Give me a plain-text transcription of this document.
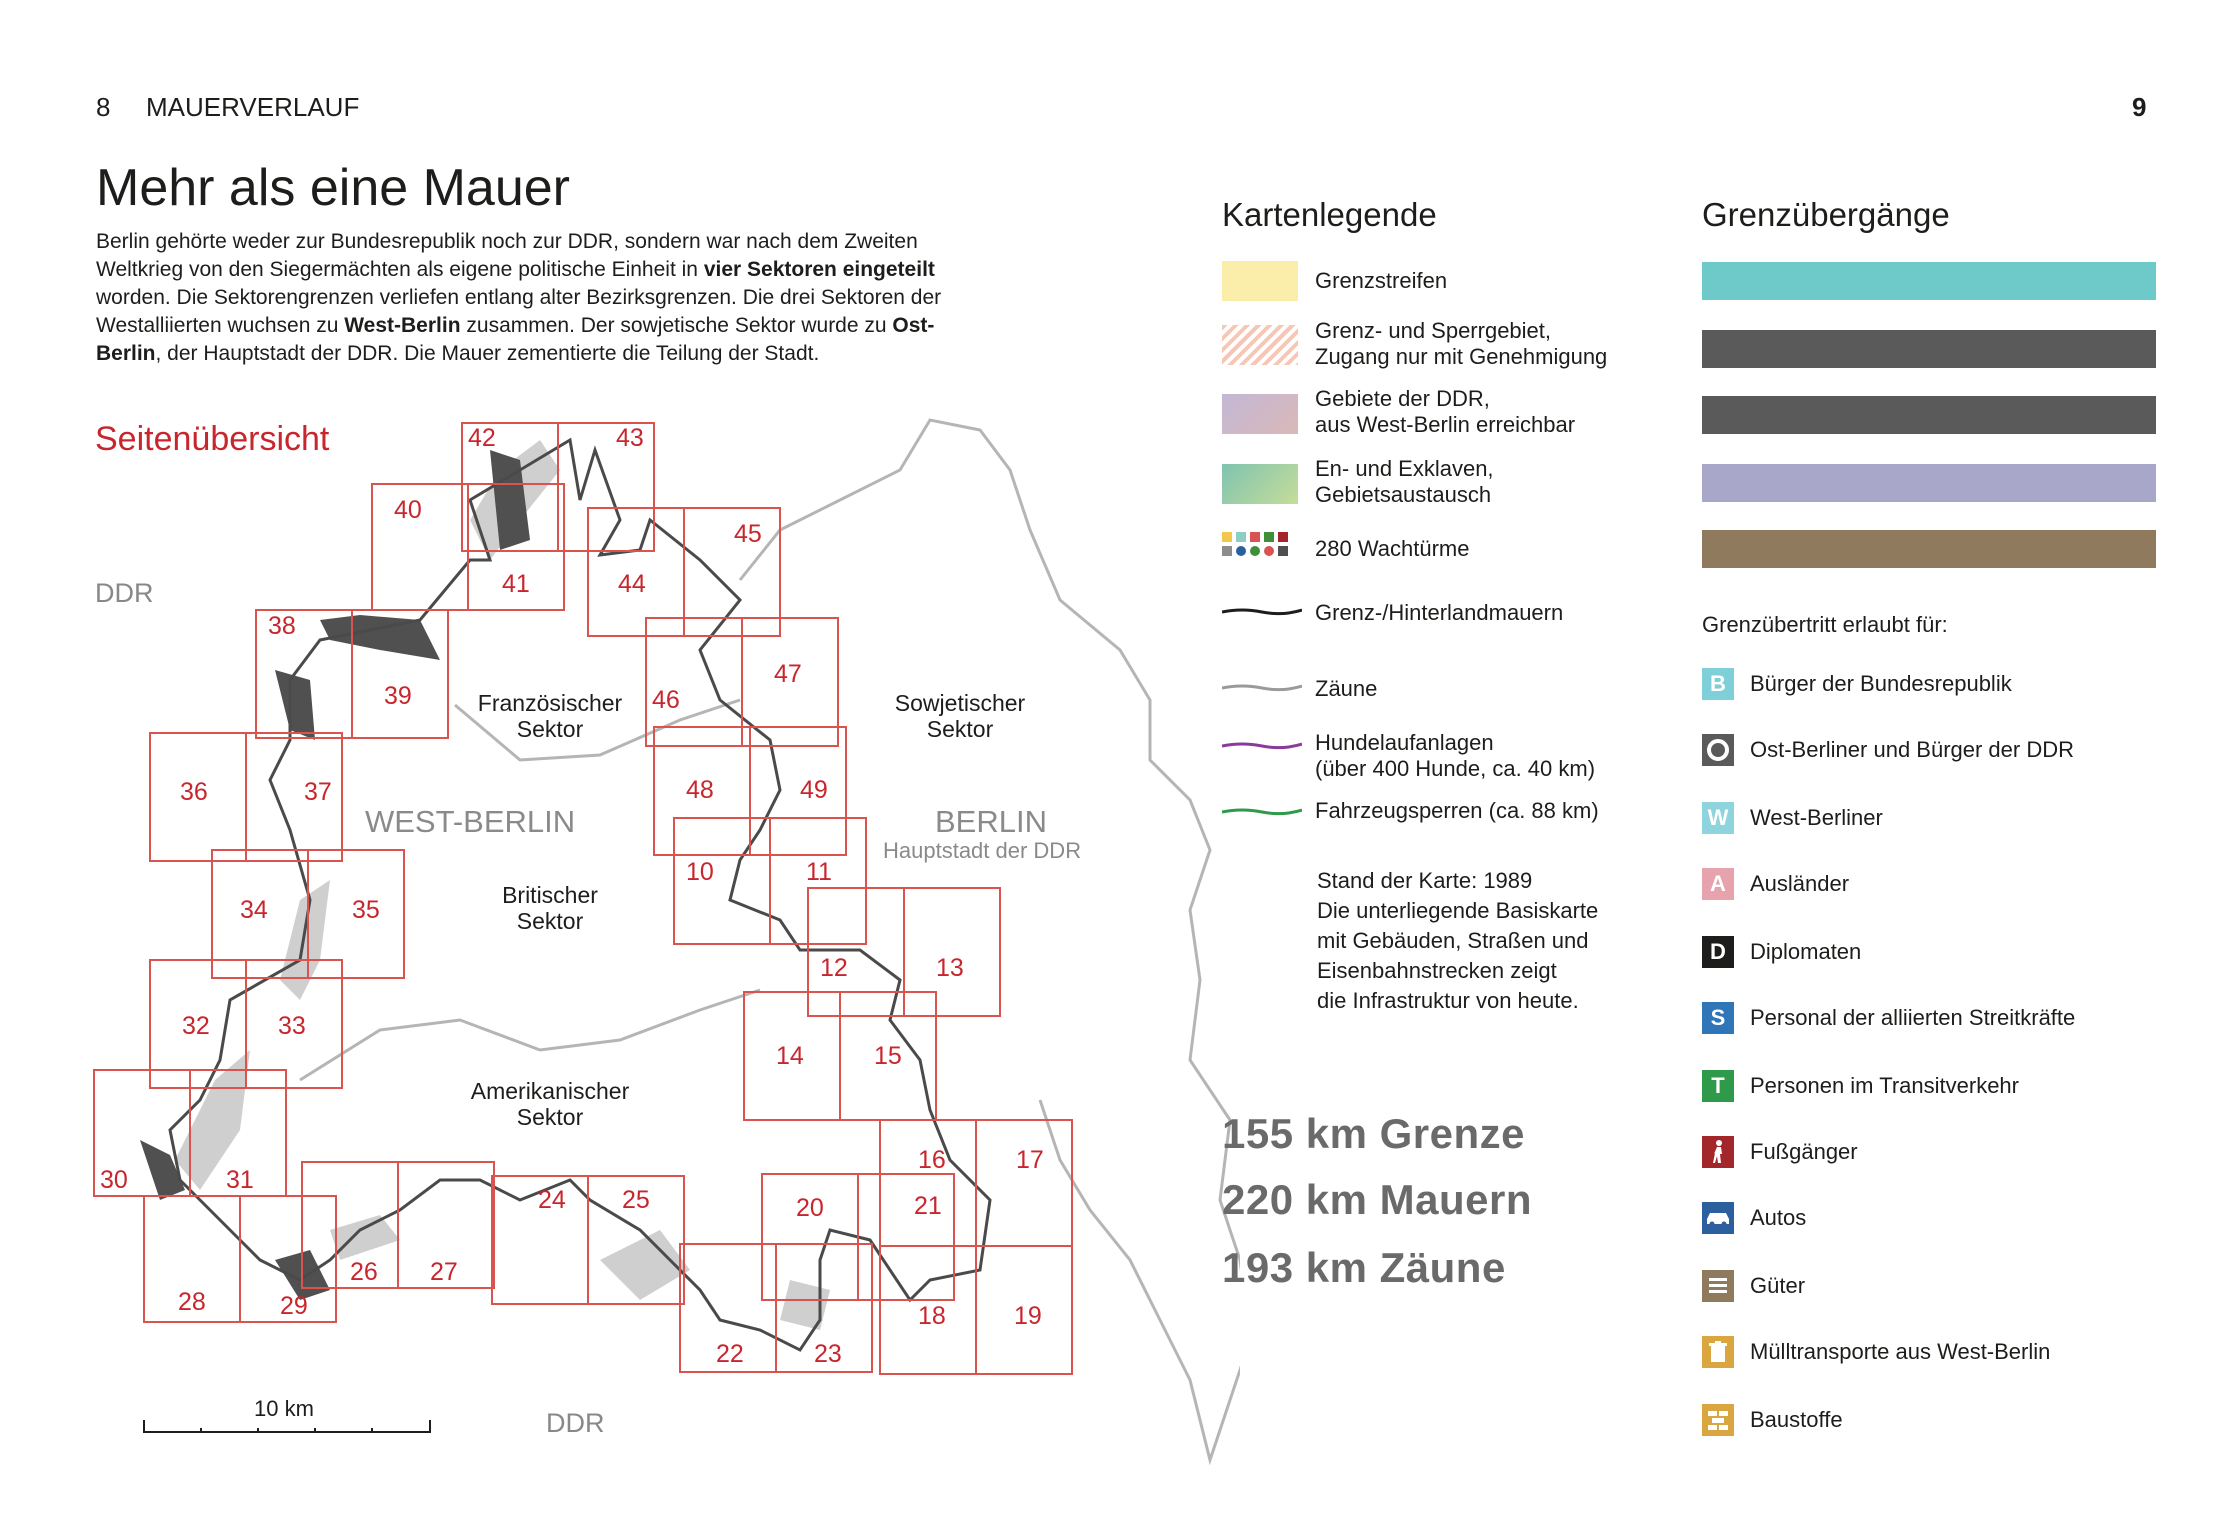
8 MAUERVERLAUF	9
Mehr als eine Mauer

Berlin gehörte weder zur Bundesrepublik noch zur DDR, sondern war nach dem Zweiten
Weltkrieg von den Siegermächten als eigene politische Einheit in vier Sektoren eingeteilt
worden. Die Sektorengrenzen verliefen entlang alter Bezirksgrenzen. Die drei Sektoren der
Westalliierten wuchsen zu West-Berlin zusammen. Der sowjetische Sektor wurde zu Ost-
Berlin, der Hauptstadt der DDR. Die Mauer zementierte die Teilung der Stadt.

Seitenübersicht	42	43
40
41	44
45
38
39	46
47
36	37	48	49
10	11
34	35
12	13
32	33
14	15
16	17
30	31
24 25	20	21
26 27
28	29	18	19
22	23
DDR
DDR
WEST-BERLIN	BERLIN
Hauptstadt der DDR
Französischer
Sektor
Sowjetischer
Sektor
Britischer
Sektor
Amerikanischer
Sektor
10 km
Kartenlegende
Grenzstreifen
Grenz- und Sperrgebiet,
Zugang nur mit Genehmigung
Gebiete der DDR,
aus West-Berlin erreichbar
En- und Exklaven,
Gebietsaustausch
280 Wachtürme
Grenz-/Hinterlandmauern
Zäune
Hundelaufanlagen
(über 400 Hunde, ca. 40 km)
Fahrzeugsperren (ca. 88 km)
Stand der Karte: 1989
Die unterliegende Basiskarte
mit Gebäuden, Straßen und
Eisenbahnstrecken zeigt
die Infrastruktur von heute.
155 km Grenze
220 km Mauern
193 km Zäune
Grenzübergänge
Grenzübertritt erlaubt für:
B	Bürger der Bundesrepublik
Ost-Berliner und Bürger der DDR
W West-Berliner
A	Ausländer
D	Diplomaten
S	Personal der alliierten Streitkräfte
T	Personen im Transitverkehr
Fußgänger
Autos
Güter
Mülltransporte aus West-Berlin
Baustoffe
